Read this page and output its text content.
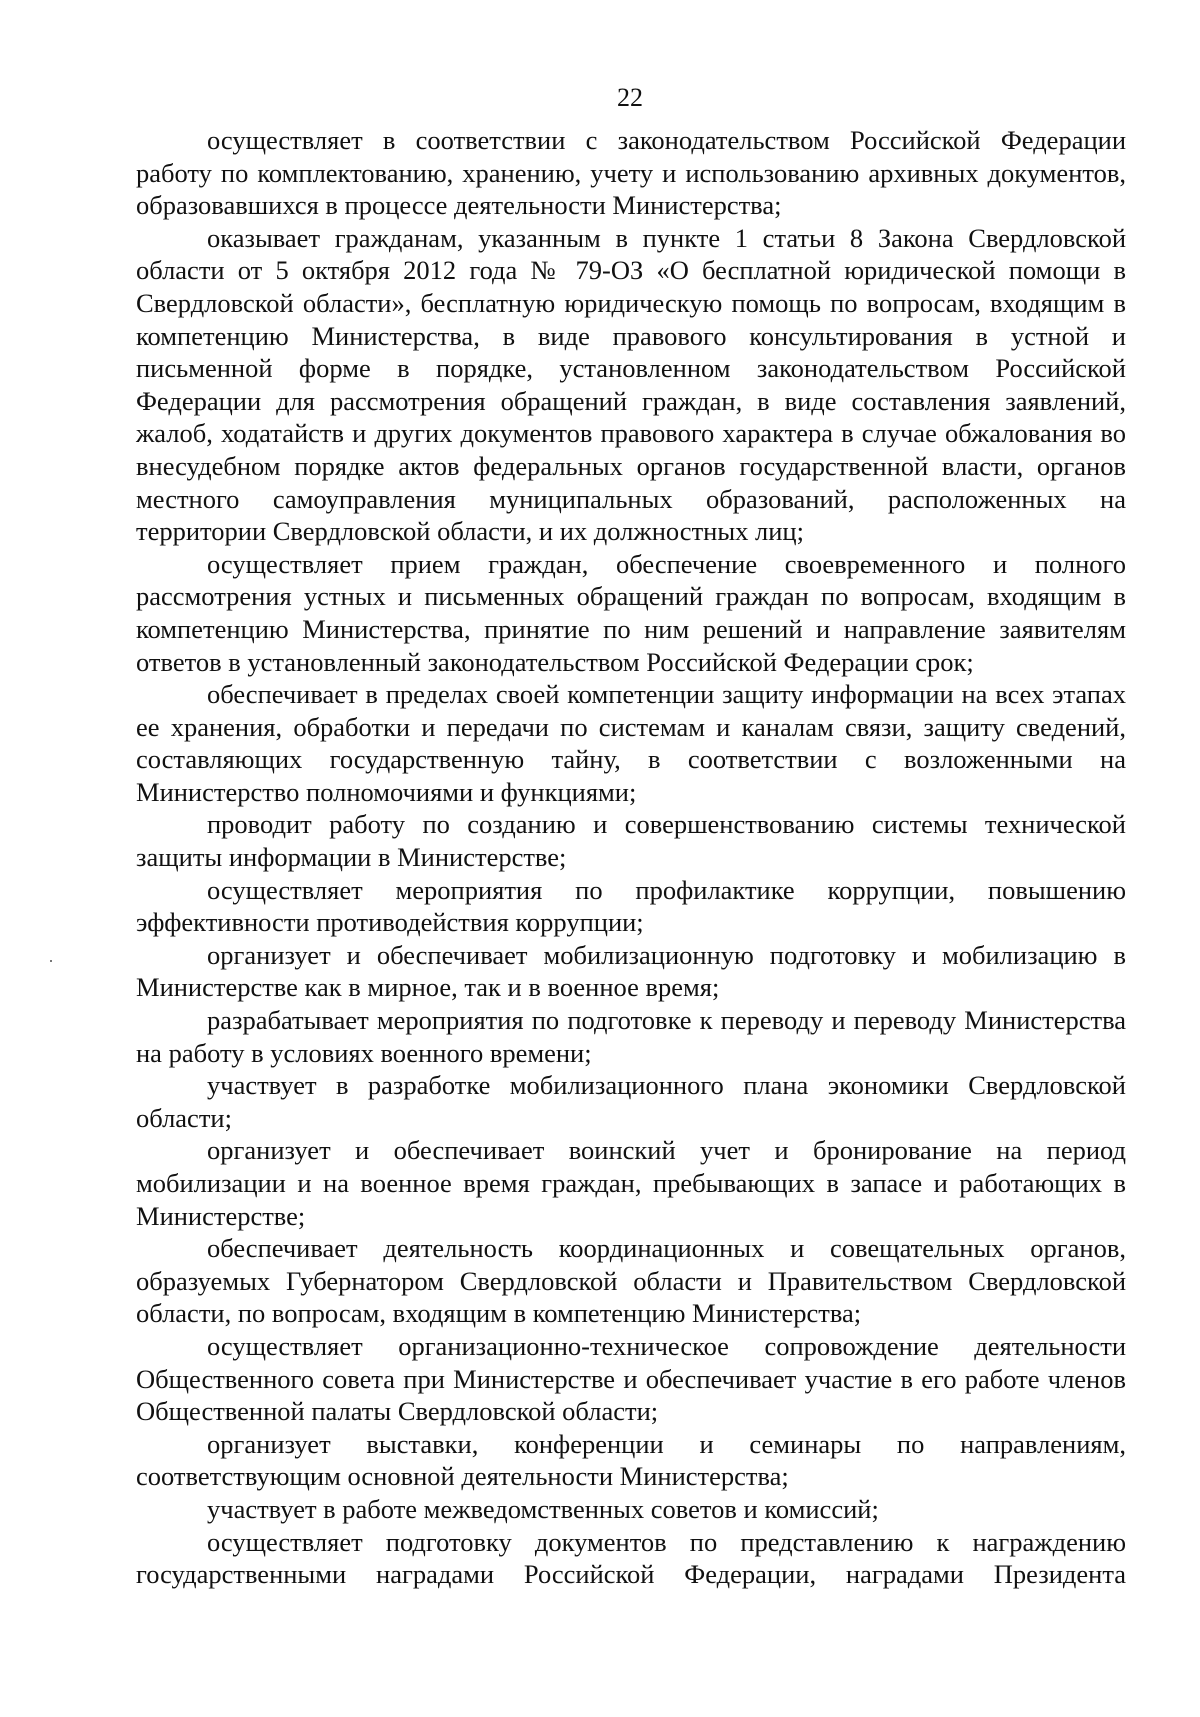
22

осуществляет в соответствии с законодательством Российской Федерации работу по комплектованию, хранению, учету и использованию архивных документов, образовавшихся в процессе деятельности Министерства;

оказывает гражданам, указанным в пункте 1 статьи 8 Закона Свердловской области от 5 октября 2012 года № 79-ОЗ «О бесплатной юридической помощи в Свердловской области», бесплатную юридическую помощь по вопросам, входящим в компетенцию Министерства, в виде правового консультирования в устной и письменной форме в порядке, установленном законодательством Российской Федерации для рассмотрения обращений граждан, в виде составления заявлений, жалоб, ходатайств и других документов правового характера в случае обжалования во внесудебном порядке актов федеральных органов государственной власти, органов местного самоуправления муниципальных образований, расположенных на территории Свердловской области, и их должностных лиц;

осуществляет прием граждан, обеспечение своевременного и полного рассмотрения устных и письменных обращений граждан по вопросам, входящим в компетенцию Министерства, принятие по ним решений и направление заявителям ответов в установленный законодательством Российской Федерации срок;

обеспечивает в пределах своей компетенции защиту информации на всех этапах ее хранения, обработки и передачи по системам и каналам связи, защиту сведений, составляющих государственную тайну, в соответствии с возложенными на Министерство полномочиями и функциями;

проводит работу по созданию и совершенствованию системы технической защиты информации в Министерстве;

осуществляет мероприятия по профилактике коррупции, повышению эффективности противодействия коррупции;

организует и обеспечивает мобилизационную подготовку и мобилизацию в Министерстве как в мирное, так и в военное время;

разрабатывает мероприятия по подготовке к переводу и переводу Министерства на работу в условиях военного времени;

участвует в разработке мобилизационного плана экономики Свердловской области;

организует и обеспечивает воинский учет и бронирование на период мобилизации и на военное время граждан, пребывающих в запасе и работающих в Министерстве;

обеспечивает деятельность координационных и совещательных органов, образуемых Губернатором Свердловской области и Правительством Свердловской области, по вопросам, входящим в компетенцию Министерства;

осуществляет организационно-техническое сопровождение деятельности Общественного совета при Министерстве и обеспечивает участие в его работе членов Общественной палаты Свердловской области;

организует выставки, конференции и семинары по направлениям, соответствующим основной деятельности Министерства;

участвует в работе межведомственных советов и комиссий;

осуществляет подготовку документов по представлению к награждению государственными наградами Российской Федерации, наградами Президента
